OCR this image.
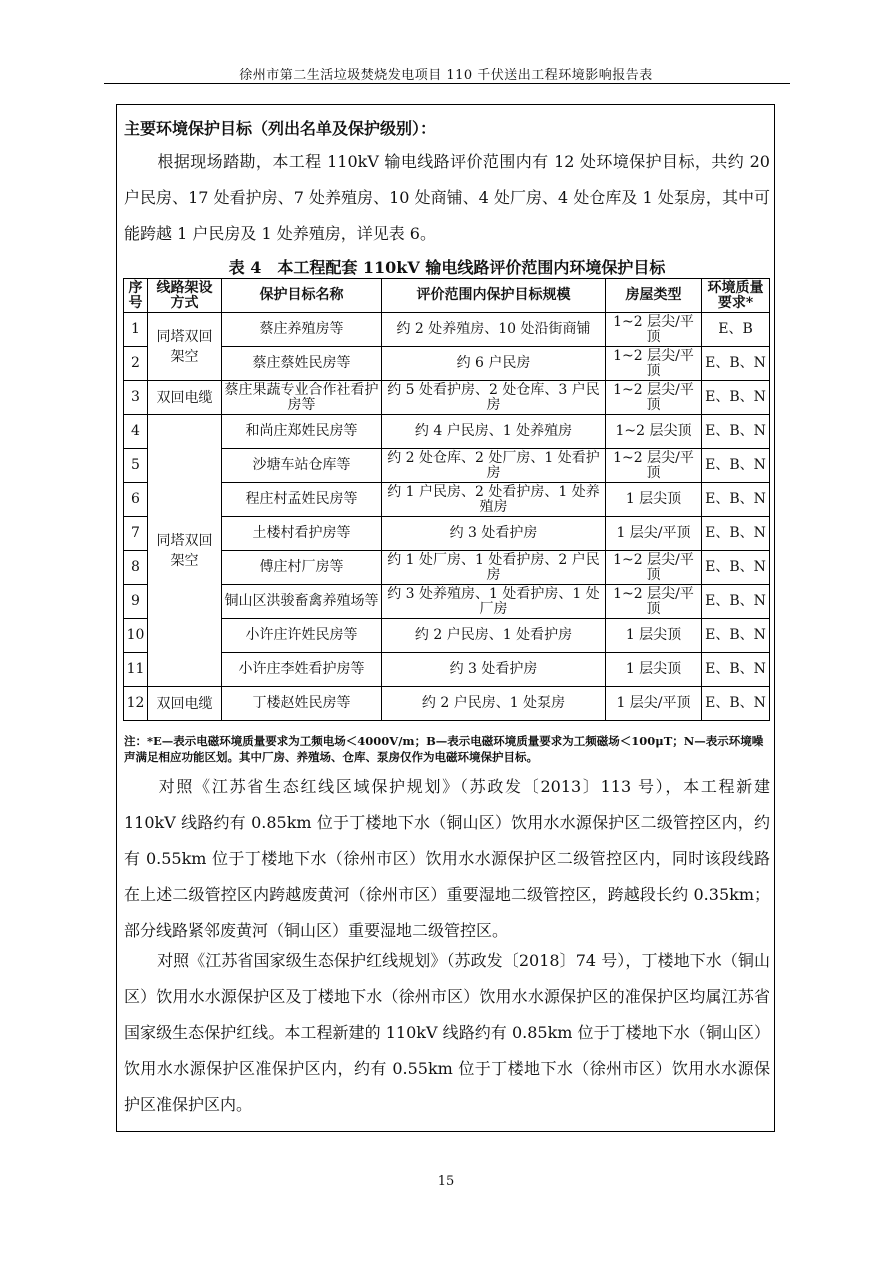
徐州市第二生活垃圾焚烧发电项目 110 千伏送出工程环境影响报告表
主要环境保护目标（列出名单及保护级别）：

根据现场踏勘，本工程 110kV 输电线路评价范围内有 12 处环境保护目标，共约 20 户民房、17 处看护房、7 处养殖房、10 处商铺、4 处厂房、4 处仓库及 1 处泵房，其中可能跨越 1 户民房及 1 处养殖房，详见表 6。

表 4　本工程配套 110kV 输电线路评价范围内环境保护目标
序号	线路架设方式	保护目标名称	评价范围内保护目标规模	房屋类型	环境质量要求*
1	同塔双回架空	蔡庄养殖房等	约 2 处养殖房、10 处沿街商铺	1~2 层尖/平顶	E、B
2		蔡庄蔡姓民房等	约 6 户民房	1~2 层尖/平顶	E、B、N
3	双回电缆	蔡庄果蔬专业合作社看护房等	约 5 处看护房、2 处仓库、3 户民房	1~2 层尖/平顶	E、B、N
4	同塔双回架空	和尚庄郑姓民房等	约 4 户民房、1 处养殖房	1~2 层尖顶	E、B、N
5		沙塘车站仓库等	约 2 处仓库、2 处厂房、1 处看护房	1~2 层尖/平顶	E、B、N
6		程庄村孟姓民房等	约 1 户民房、2 处看护房、1 处养殖房	1 层尖顶	E、B、N
7		土楼村看护房等	约 3 处看护房	1 层尖/平顶	E、B、N
8		傅庄村厂房等	约 1 处厂房、1 处看护房、2 户民房	1~2 层尖/平顶	E、B、N
9		铜山区洪骏畜禽养殖场等	约 3 处养殖房、1 处看护房、1 处厂房	1~2 层尖/平顶	E、B、N
10		小许庄许姓民房等	约 2 户民房、1 处看护房	1 层尖顶	E、B、N
11		小许庄李姓看护房等	约 3 处看护房	1 层尖顶	E、B、N
12	双回电缆	丁楼赵姓民房等	约 2 户民房、1 处泵房	1 层尖/平顶	E、B、N

注：*E—表示电磁环境质量要求为工频电场＜4000V/m；B—表示电磁环境质量要求为工频磁场＜100μT；N—表示环境噪声满足相应功能区划。其中厂房、养殖场、仓库、泵房仅作为电磁环境保护目标。

对照《江苏省生态红线区域保护规划》（苏政发〔2013〕113 号），本工程新建 110kV 线路约有 0.85km 位于丁楼地下水（铜山区）饮用水水源保护区二级管控区内，约有 0.55km 位于丁楼地下水（徐州市区）饮用水水源保护区二级管控区内，同时该段线路在上述二级管控区内跨越废黄河（徐州市区）重要湿地二级管控区，跨越段长约 0.35km；部分线路紧邻废黄河（铜山区）重要湿地二级管控区。

对照《江苏省国家级生态保护红线规划》（苏政发〔2018〕74 号），丁楼地下水（铜山区）饮用水水源保护区及丁楼地下水（徐州市区）饮用水水源保护区的准保护区均属江苏省国家级生态保护红线。本工程新建的 110kV 线路约有 0.85km 位于丁楼地下水（铜山区）饮用水水源保护区准保护区内，约有 0.55km 位于丁楼地下水（徐州市区）饮用水水源保护区准保护区内。

15
